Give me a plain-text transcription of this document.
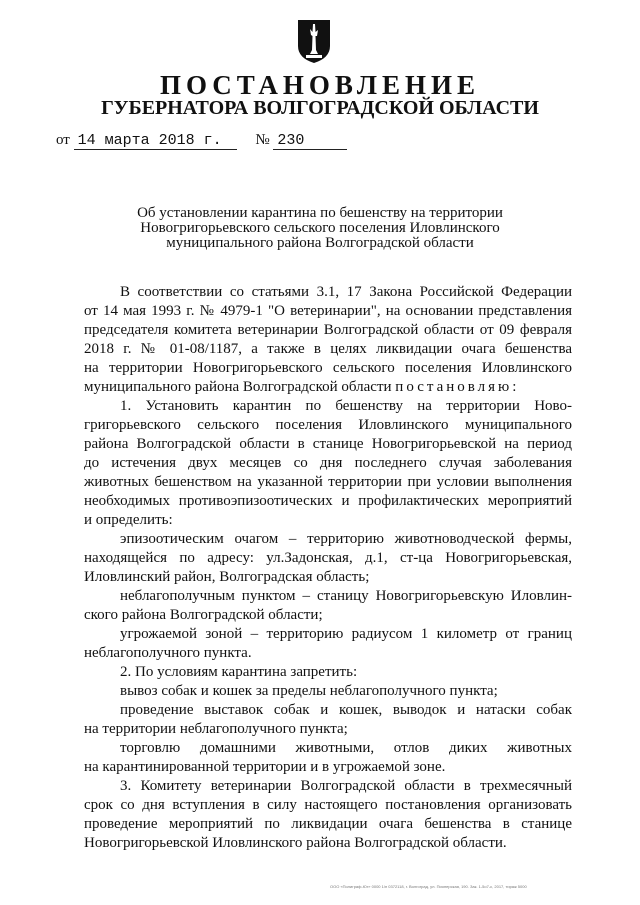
ПОСТАНОВЛЕНИЕ
ГУБЕРНАТОРА ВОЛГОГРАДСКОЙ ОБЛАСТИ
от 14 марта 2018 г. № 230
Об установлении карантина по бешенству на территории
Новогригорьевского сельского поселения Иловлинского
муниципального района Волгоградской области
В соответствии со статьями 3.1, 17 Закона Российской Федерации
от 14 мая 1993 г. № 4979-1 "О ветеринарии", на основании представления
председателя комитета ветеринарии Волгоградской области от 09 февраля
2018 г. № 01-08/1187, а также в целях ликвидации очага бешенства
на территории Новогригорьевского сельского поселения Иловлинского
муниципального района Волгоградской области постановляю:
1. Установить карантин по бешенству на территории Ново-
григорьевского сельского поселения Иловлинского муниципального
района Волгоградской области в станице Новогригорьевской на период
до истечения двух месяцев со дня последнего случая заболевания
животных бешенством на указанной территории при условии выполнения
необходимых противоэпизоотических и профилактических мероприятий
и определить:
эпизоотическим очагом – территорию животноводческой фермы,
находящейся по адресу: ул.Задонская, д.1, ст-ца Новогригорьевская,
Иловлинский район, Волгоградская область;
неблагополучным пунктом – станицу Новогригорьевскую Иловлин-
ского района Волгоградской области;
угрожаемой зоной – территорию радиусом 1 километр от границ
неблагополучного пункта.
2. По условиям карантина запретить:
вывоз собак и кошек за пределы неблагополучного пункта;
проведение выставок собак и кошек, выводок и натаски собак
на территории неблагополучного пункта;
торговлю домашними животными, отлов диких животных
на карантинированной территории и в угрожаемой зоне.
3. Комитету ветеринарии Волгоградской области в трехмесячный
срок со дня вступления в силу настоящего постановления организовать
проведение мероприятий по ликвидации очага бешенства в станице
Новогригорьевской Иловлинского района Волгоградской области.
ООО «Полиграф-Юг» 0000 1/н 0372118, г. Волгоград, ул. Пионерская, 190. Зак. 1-5о7-с, 2017, тираж 5000
